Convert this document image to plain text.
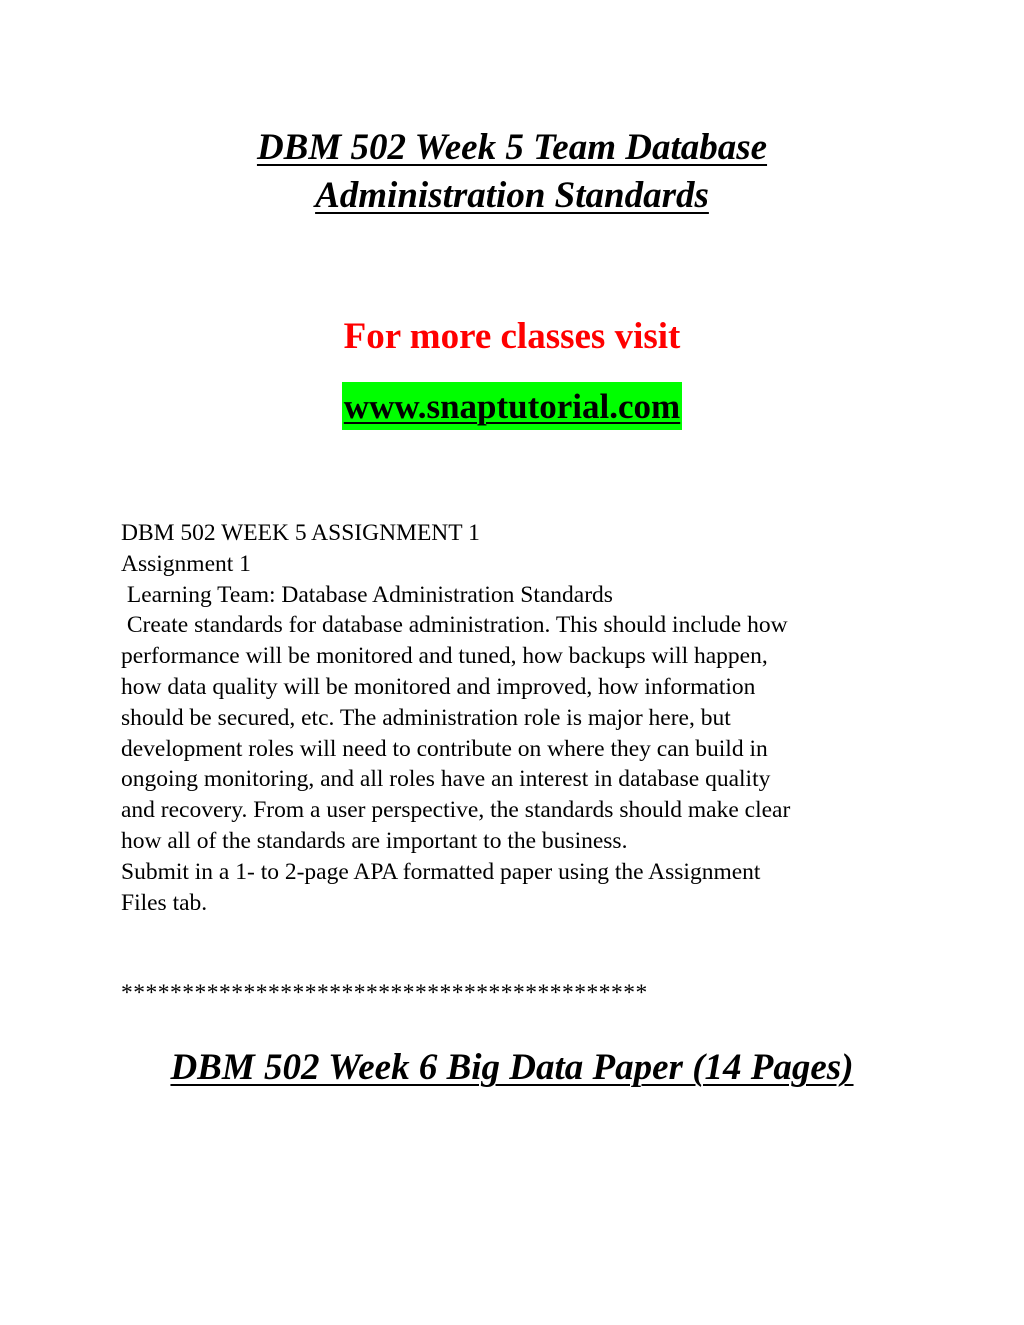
DBM 502 Week 5 Team Database
Administration Standards
For more classes visit
www.snaptutorial.com
DBM 502 WEEK 5 ASSIGNMENT 1
Assignment 1
Learning Team: Database Administration Standards
Create standards for database administration. This should include how
performance will be monitored and tuned, how backups will happen,
how data quality will be monitored and improved, how information
should be secured, etc. The administration role is major here, but
development roles will need to contribute on where they can build in
ongoing monitoring, and all roles have an interest in database quality
and recovery. From a user perspective, the standards should make clear
how all of the standards are important to the business.
Submit in a 1- to 2-page APA formatted paper using the Assignment
Files tab.
*******************************************
DBM 502 Week 6 Big Data Paper (14 Pages)
